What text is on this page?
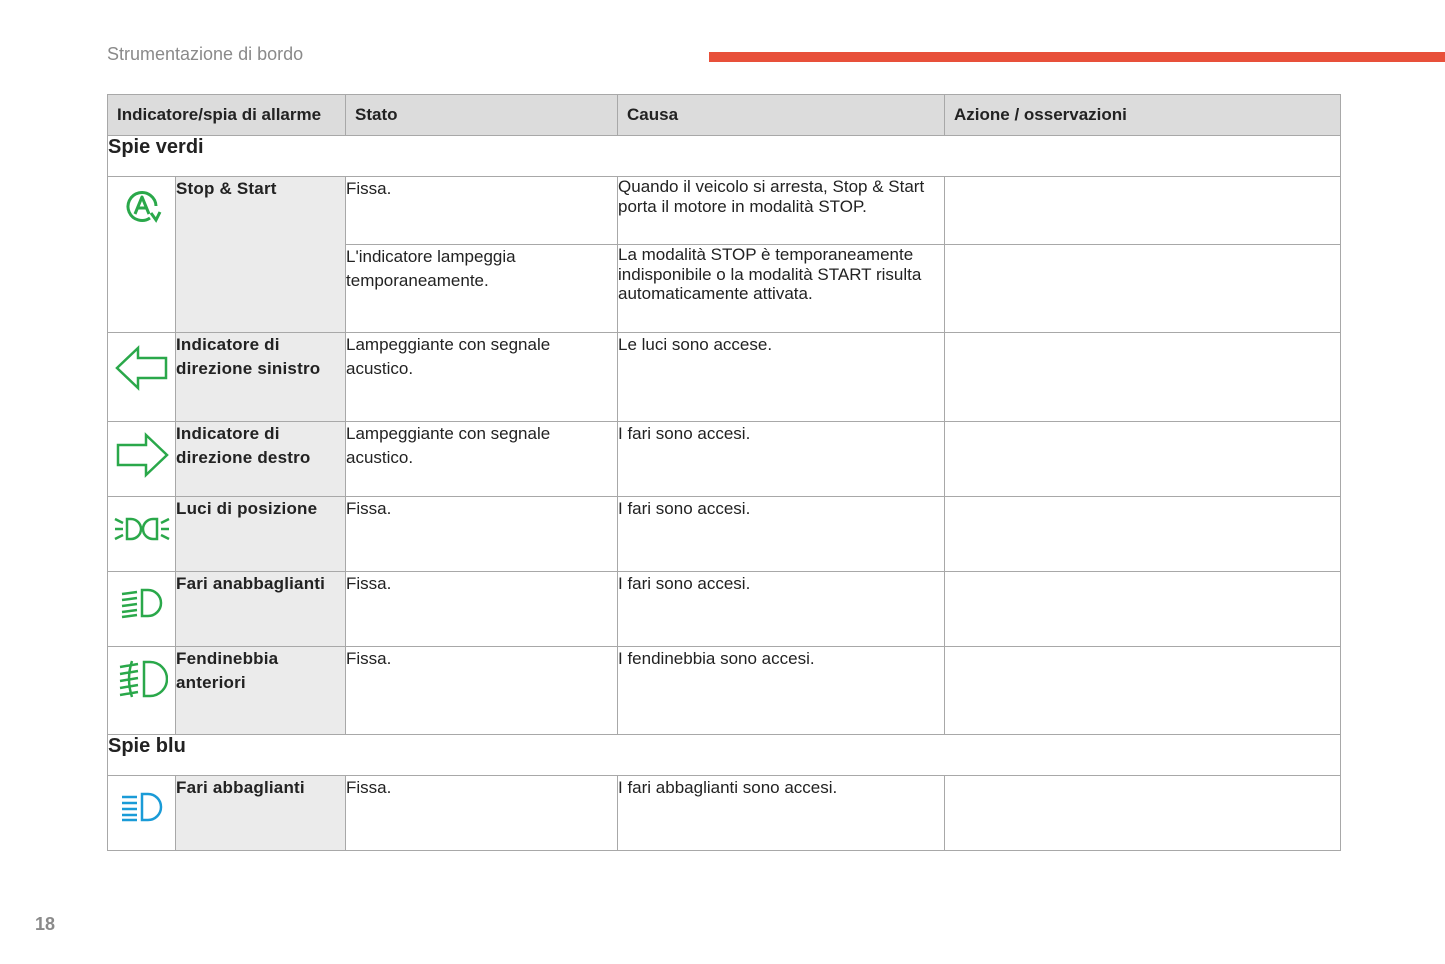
Strumentazione di bordo
Indicatore/spia di allarme		Stato	Causa	Azione / osservazioni
Spie verdi				
	Stop & Start	Fissa.	Quando il veicolo si arresta, Stop & Start porta il motore in modalità STOP.	
		L'indicatore lampeggia temporaneamente.	La modalità STOP è temporaneamente indisponibile o la modalità START risulta automaticamente attivata.	
	Indicatore di direzione sinistro	Lampeggiante con segnale acustico.	Le luci sono accese.	
	Indicatore di direzione destro	Lampeggiante con segnale acustico.	I fari sono accesi.	
	Luci di posizione	Fissa.	I fari sono accesi.	
	Fari anabbaglianti	Fissa.	I fari sono accesi.	
	Fendinebbia anteriori	Fissa.	I fendinebbia sono accesi.	
Spie blu				
	Fari abbaglianti	Fissa.	I fari abbaglianti sono accesi.	
18
